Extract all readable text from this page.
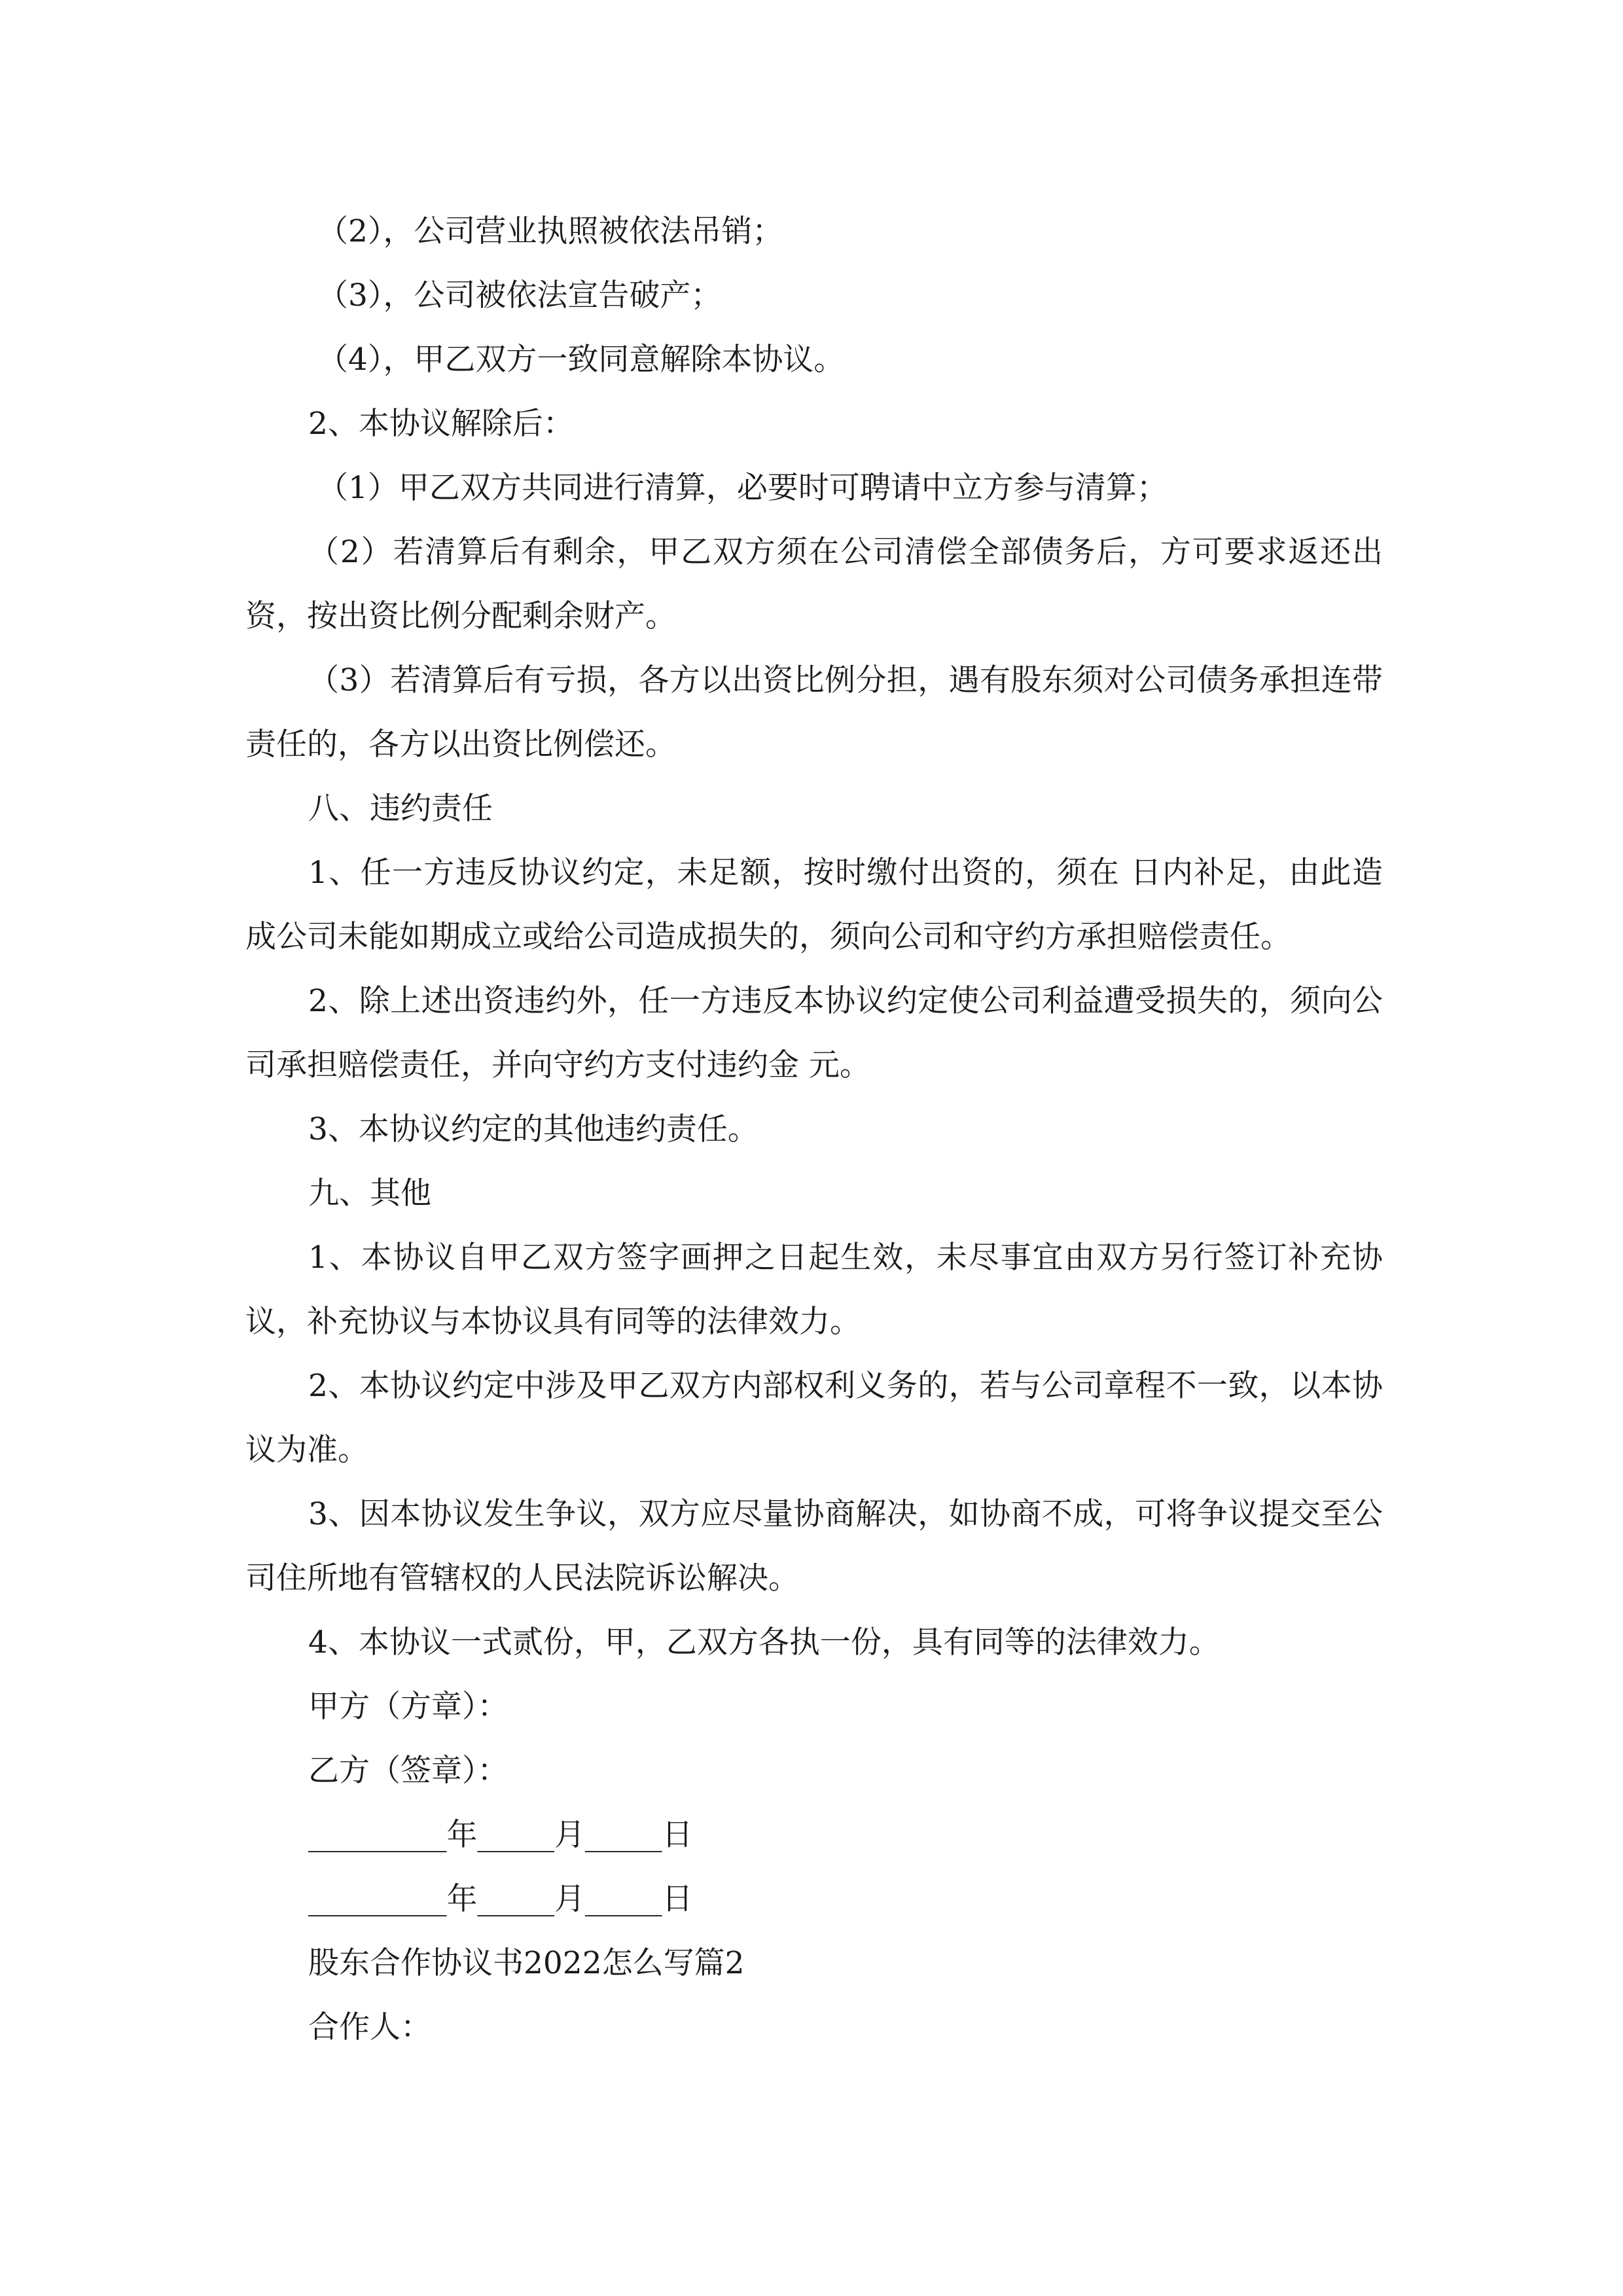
（2），公司营业执照被依法吊销；
（3），公司被依法宣告破产；
（4），甲乙双方一致同意解除本协议。
2、本协议解除后：
（1）甲乙双方共同进行清算，必要时可聘请中立方参与清算；
（2）若清算后有剩余，甲乙双方须在公司清偿全部债务后，方可要求返还出资，按出资比例分配剩余财产。
（3）若清算后有亏损，各方以出资比例分担，遇有股东须对公司债务承担连带责任的，各方以出资比例偿还。
八、违约责任
1、任一方违反协议约定，未足额，按时缴付出资的，须在 日内补足，由此造成公司未能如期成立或给公司造成损失的，须向公司和守约方承担赔偿责任。
2、除上述出资违约外，任一方违反本协议约定使公司利益遭受损失的，须向公司承担赔偿责任，并向守约方支付违约金 元。
3、本协议约定的其他违约责任。
九、其他
1、本协议自甲乙双方签字画押之日起生效，未尽事宜由双方另行签订补充协议，补充协议与本协议具有同等的法律效力。
2、本协议约定中涉及甲乙双方内部权利义务的，若与公司章程不一致，以本协议为准。
3、因本协议发生争议，双方应尽量协商解决，如协商不成，可将争议提交至公司住所地有管辖权的人民法院诉讼解决。
4、本协议一式贰份，甲，乙双方各执一份，具有同等的法律效力。
甲方（方章）：
乙方（签章）：
_________年_____月_____日
_________年_____月_____日
股东合作协议书2022怎么写篇2
合作人：
